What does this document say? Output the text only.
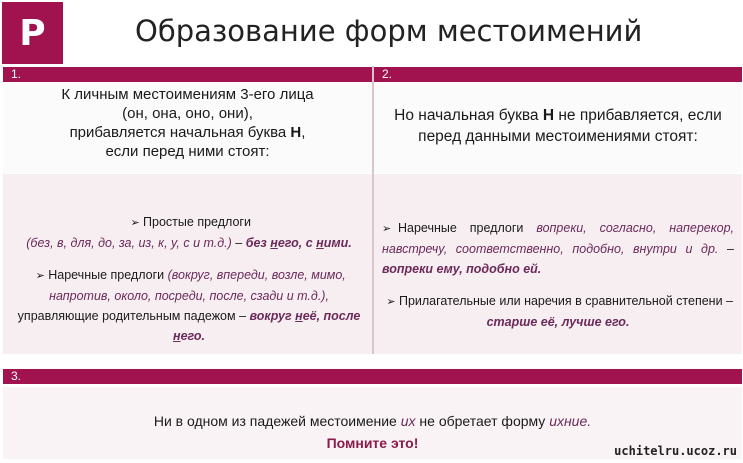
P	Образование форм местоимений
1.	2.
К личным местоимениям 3-его лица
(он, она, оно, они),
прибавляется начальная буква Н,
если перед ними стоят:
Но начальная буква Н не прибавляется, если перед данными местоимениями стоят:
➢ Простые предлоги
(без, в, для, до, за, из, к, у, с и т.д.) – без него, с ними.
➢ Наречные предлоги (вокруг, впереди, возле, мимо, напротив, около, посреди, после, сзади и т.д.), управляющие родительным падежом – вокруг неё, после него.
➢ Наречные предлоги вопреки, согласно, наперекор, навстречу, соответственно, подобно, внутри и др. – вопреки ему, подобно ей.
➢ Прилагательные или наречия в сравнительной степени – старше её, лучше его.
3.
Ни в одном из падежей местоимение их не обретает форму ихние.
Помните это!	uchitelru.ucoz.ru
